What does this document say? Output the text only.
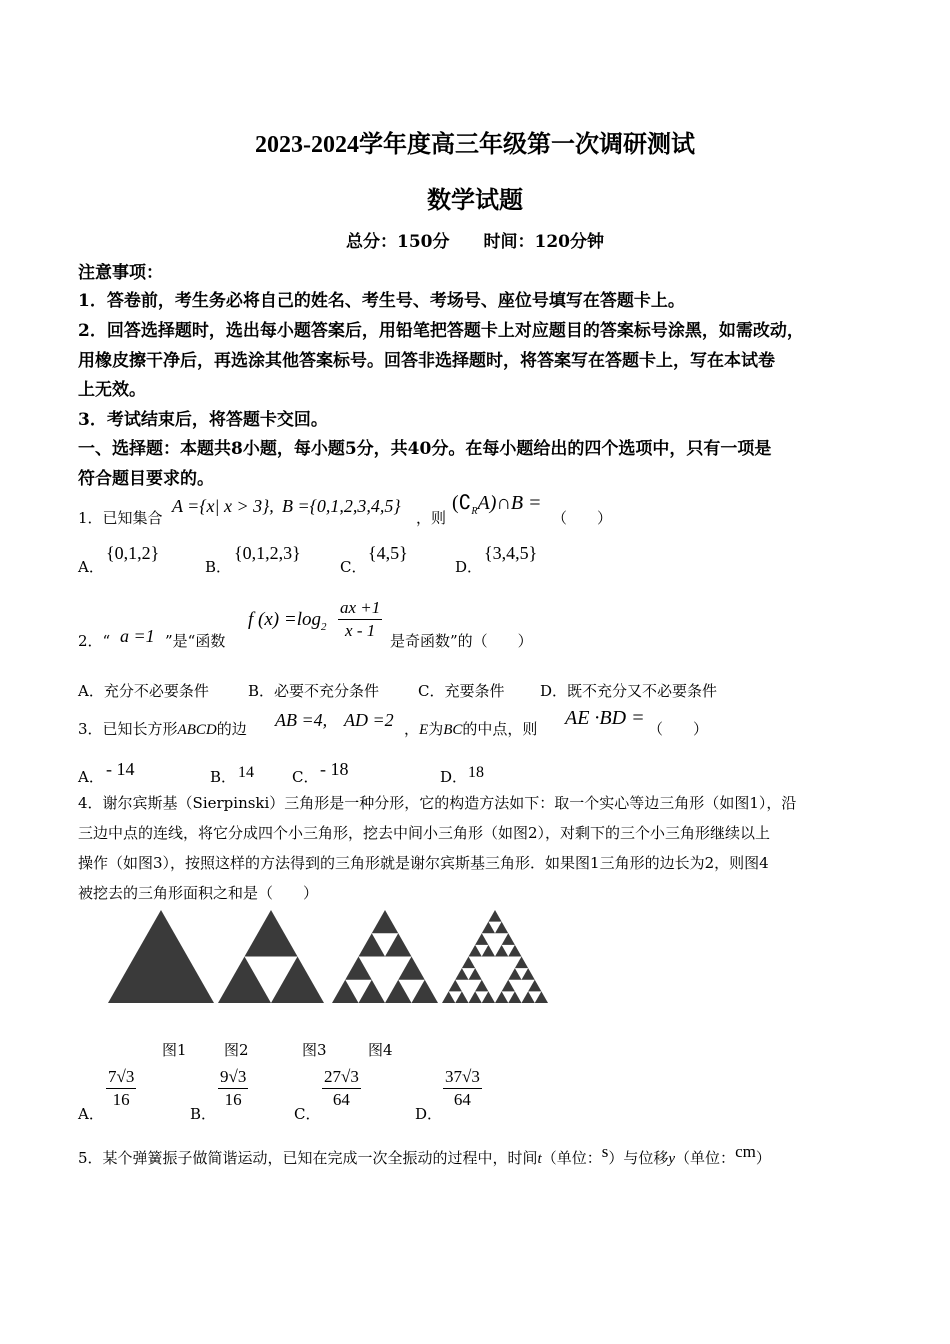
2023-2024学年度高三年级第一次调研测试
数学试题
总分：150分　　时间：120分钟
注意事项：
1．答卷前，考生务必将自己的姓名、考生号、考场号、座位号填写在答题卡上。
2．回答选择题时，选出每小题答案后，用铅笔把答题卡上对应题目的答案标号涂黑，如需改动，
用橡皮擦干净后，再选涂其他答案标号。回答非选择题时，将答案写在答题卡上，写在本试卷
上无效。
3．考试结束后，将答题卡交回。
一、选择题：本题共8小题，每小题5分，共40分。在每小题给出的四个选项中，只有一项是
符合题目要求的。
1．已知集合
A ={x| x > 3}, B ={0,1,2,3,4,5}
，则
$(∁_RA)\cap B$ =
（　　）
A．
{0,1,2}
B．
{0,1,2,3}
C．
{4,5}
D．
{3,4,5}
2．“ a =1 ”是“函数
f $(x) =\log_2 \frac{ax +1}{x - 1}$ 是奇函数”的（　　）
A．充分不必要条件	B．必要不充分条件	C．充要条件 D．既不充分又不必要条件
3．已知长方形ABCD的边 AB =4, AD =2 ，E为BC的中点，则 AE ·BD = （　　）
A． - 14	B． 14	C． - 18	D． 18
4．谢尔宾斯基（Sierpinski）三角形是一种分形，它的构造方法如下：取一个实心等边三角形（如图1），沿
三边中点的连线，将它分成四个小三角形，挖去中间小三角形（如图2），对剩下的三个小三角形继续以上
操作（如图3），按照这样的方法得到的三角形就是谢尔宾斯基三角形．如果图1三角形的边长为2，则图4
被挖去的三角形面积之和是（　　）
图1 图2	图3	图4
A．
$\frac{7√3}{16}$
B．
$\frac{9√3}{16}$
C．
$\frac{27√3}{64}$
D．
$\frac{37√3}{64}$
5．某个弹簧振子做简谐运动，已知在完成一次全振动的过程中，时间t（单位：s）与位移y（单位：cm）
